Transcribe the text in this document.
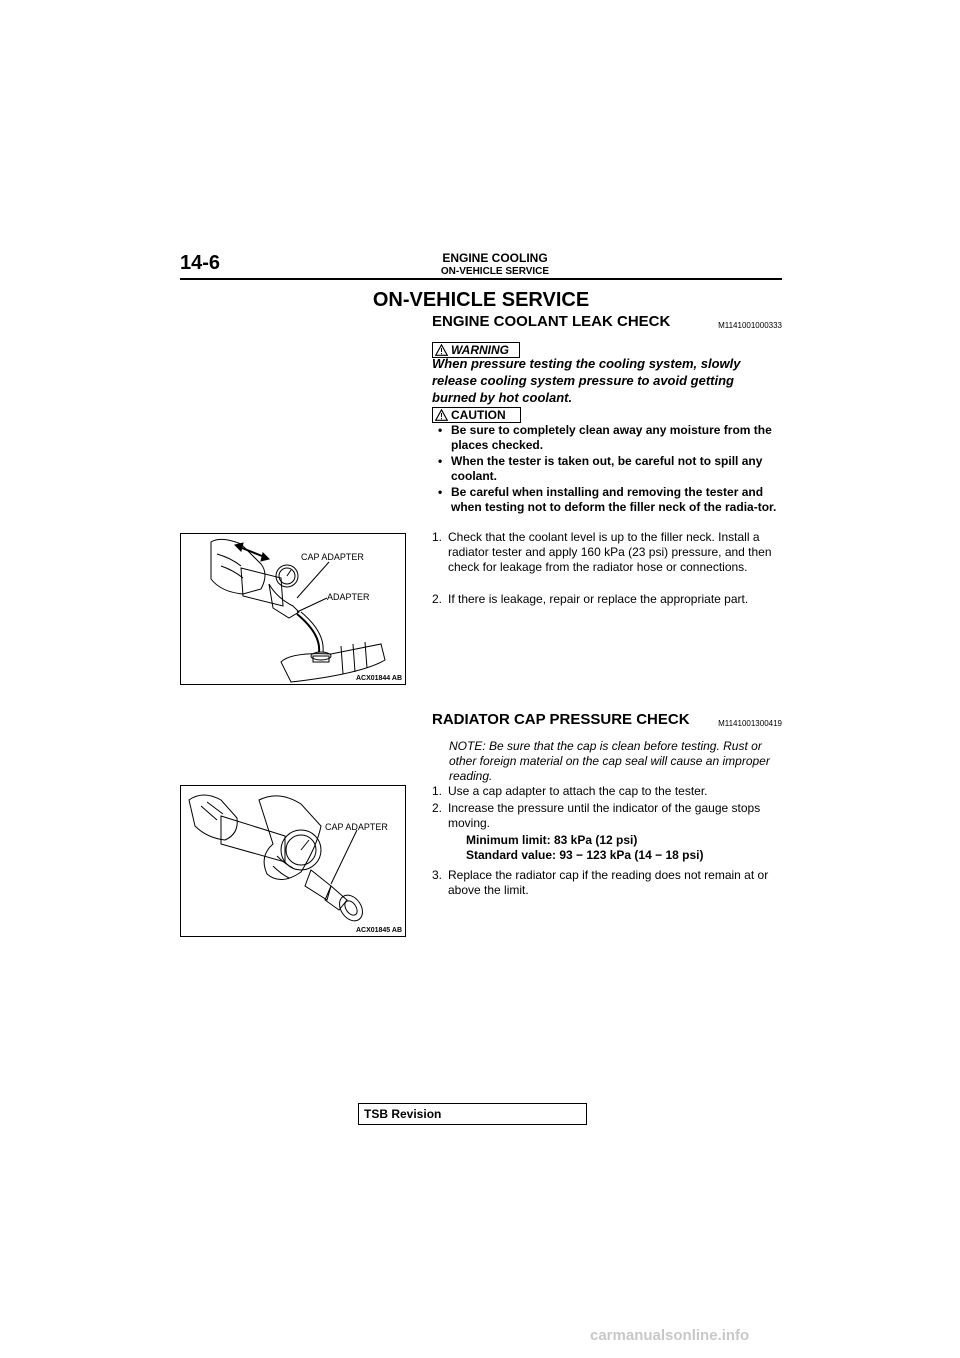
14-6	ENGINE COOLING
ON-VEHICLE SERVICE
ON-VEHICLE SERVICE
ENGINE COOLANT LEAK CHECK	M1141001000333
WARNING
When pressure testing the cooling system, slowly release cooling system pressure to avoid getting burned by hot coolant.
CAUTION
• Be sure to completely clean away any moisture from the places checked.
• When the tester is taken out, be careful not to spill any coolant.
• Be careful when installing and removing the tester and when testing not to deform the filler neck of the radia-tor.
1. Check that the coolant level is up to the filler neck. Install a radiator tester and apply 160 kPa (23 psi) pressure, and then check for leakage from the radiator hose or connections.
2. If there is leakage, repair or replace the appropriate part.
CAP ADAPTER
ADAPTER
ACX01844 AB
RADIATOR CAP PRESSURE CHECK	M1141001300419
NOTE: Be sure that the cap is clean before testing. Rust or other foreign material on the cap seal will cause an improper reading.
1. Use a cap adapter to attach the cap to the tester.
2. Increase the pressure until the indicator of the gauge stops moving.
Minimum limit: 83 kPa (12 psi)
Standard value: 93 − 123 kPa (14 − 18 psi)
3. Replace the radiator cap if the reading does not remain at or above the limit.
CAP ADAPTER
ACX01845 AB
TSB Revision
carmanualsonline.info
